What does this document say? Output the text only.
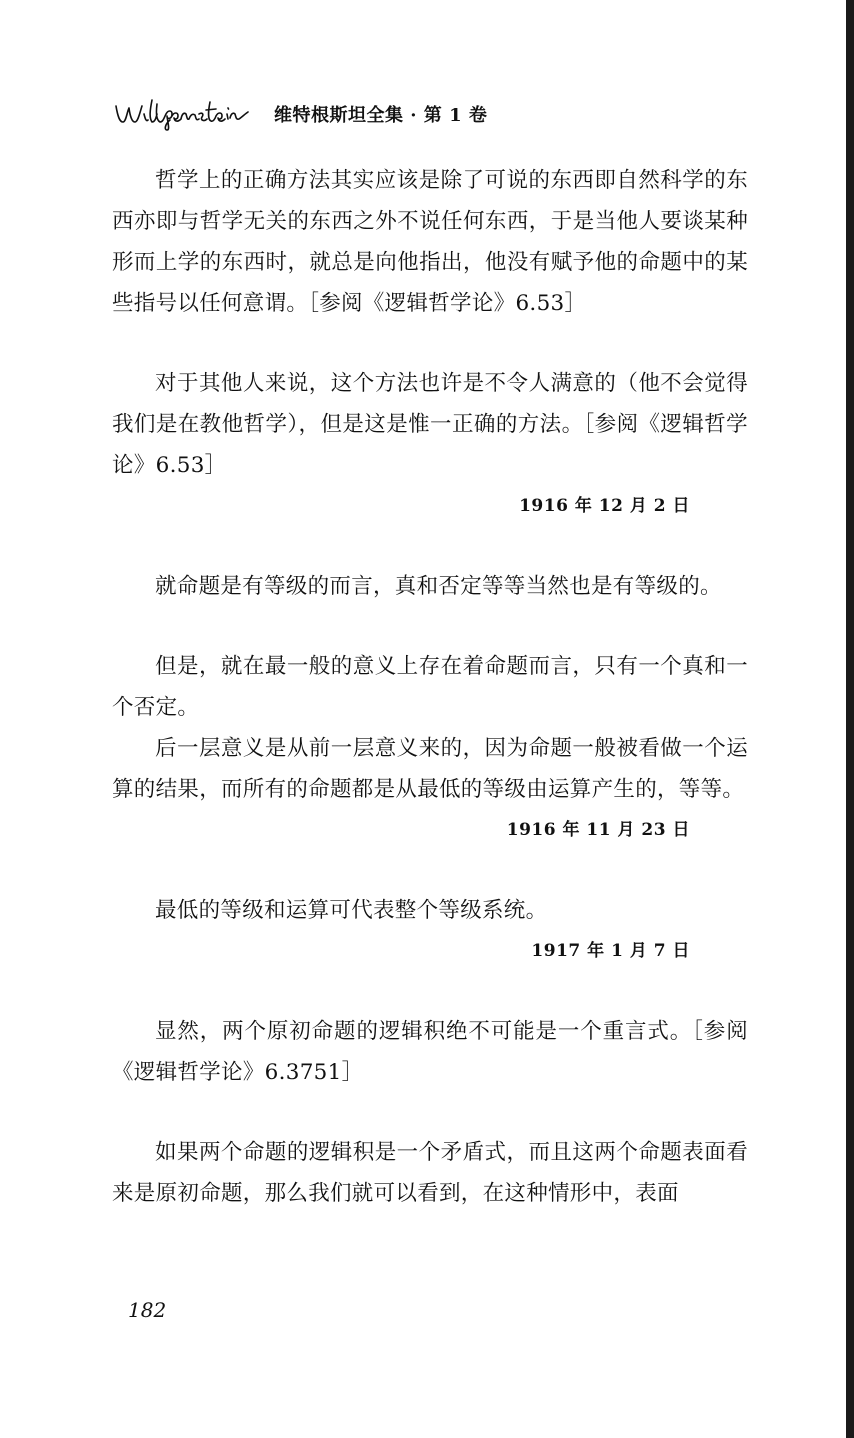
维特根斯坦全集 · 第 1 卷

哲学上的正确方法其实应该是除了可说的东西即自然科学的东西亦即与哲学无关的东西之外不说任何东西，于是当他人要谈某种形而上学的东西时，就总是向他指出，他没有赋予他的命题中的某些指号以任何意谓。［参阅《逻辑哲学论》6.53］

对于其他人来说，这个方法也许是不令人满意的（他不会觉得我们是在教他哲学），但是这是惟一正确的方法。［参阅《逻辑哲学论》6.53］

1916 年 12 月 2 日

就命题是有等级的而言，真和否定等等当然也是有等级的。

但是，就在最一般的意义上存在着命题而言，只有一个真和一个否定。

后一层意义是从前一层意义来的，因为命题一般被看做一个运算的结果，而所有的命题都是从最低的等级由运算产生的，等等。

1916 年 11 月 23 日

最低的等级和运算可代表整个等级系统。

1917 年 1 月 7 日

显然，两个原初命题的逻辑积绝不可能是一个重言式。［参阅《逻辑哲学论》6.3751］

如果两个命题的逻辑积是一个矛盾式，而且这两个命题表面看来是原初命题，那么我们就可以看到，在这种情形中，表面

182
